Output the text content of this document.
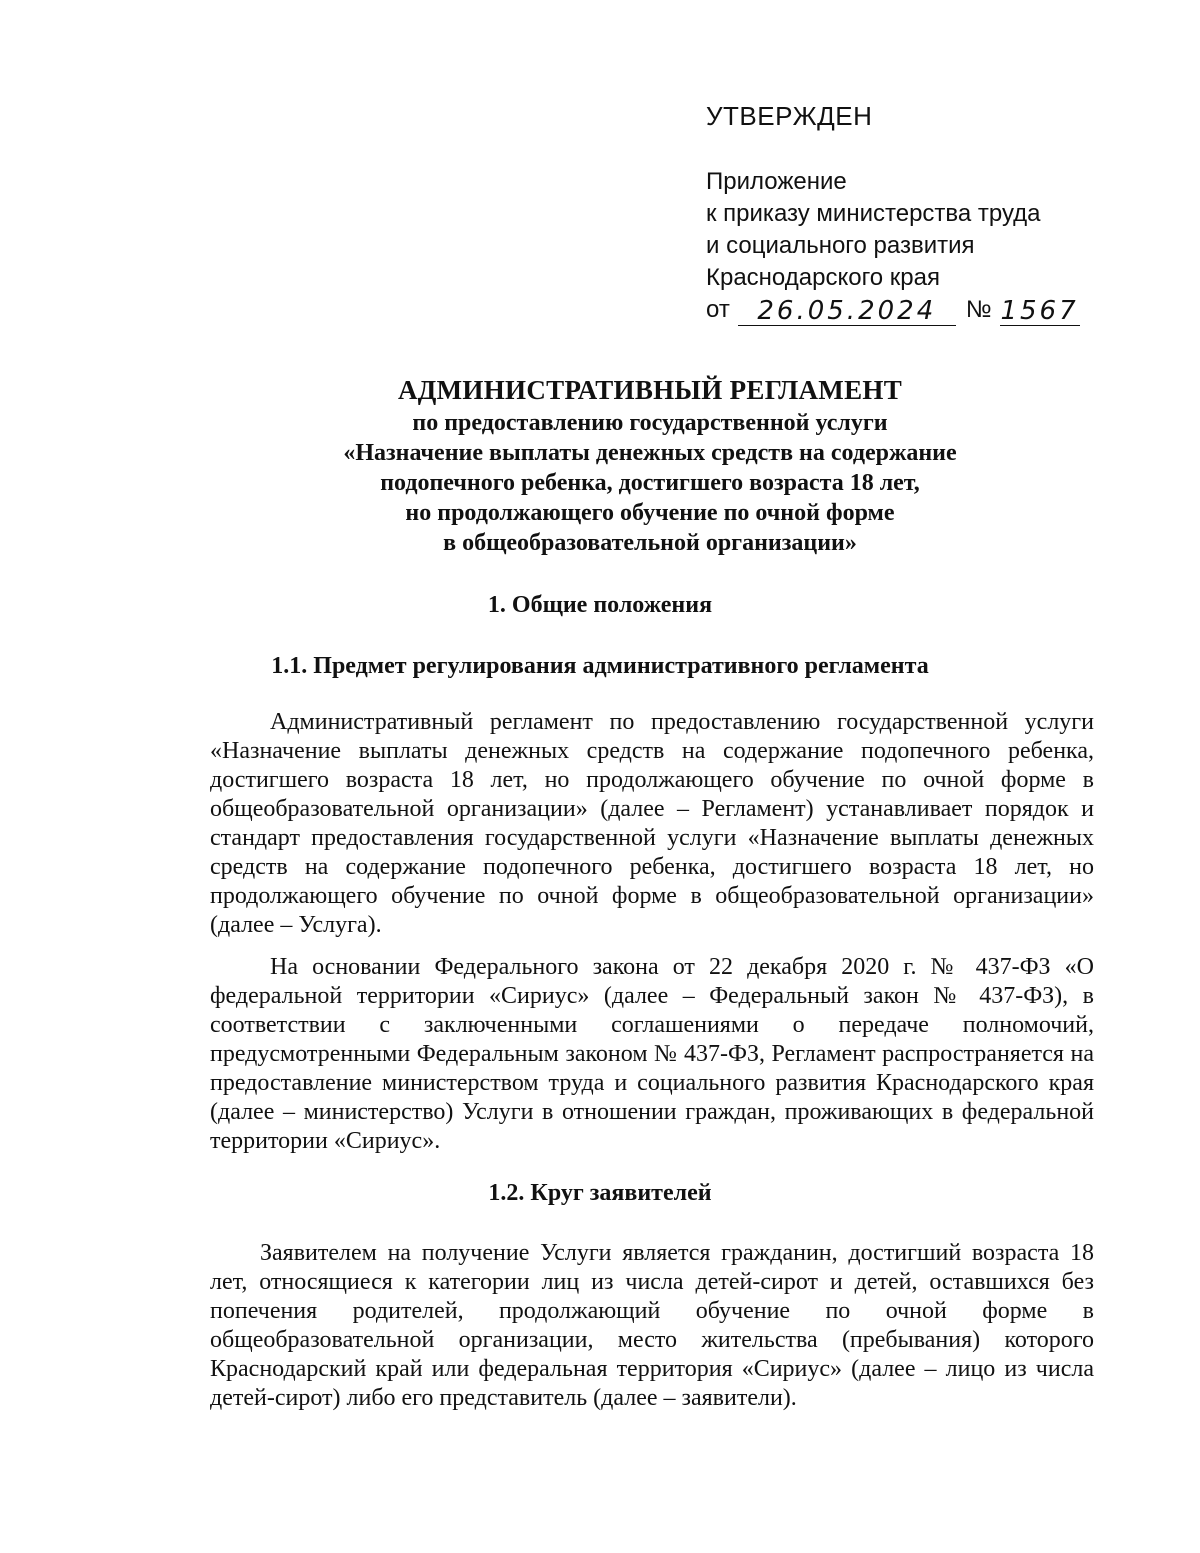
УТВЕРЖДЕН
Приложение
к приказу министерства труда
и социального развития
Краснодарского края
от	26.05.2024	№ 1567
АДМИНИСТРАТИВНЫЙ РЕГЛАМЕНТ
по предоставлению государственной услуги
«Назначение выплаты денежных средств на содержание
подопечного ребенка, достигшего возраста 18 лет,
но продолжающего обучение по очной форме
в общеобразовательной организации»
1. Общие положения
1.1. Предмет регулирования административного регламента

Административный регламент по предоставлению государственной услуги «Назначение выплаты денежных средств на содержание подопечного ребенка, достигшего возраста 18 лет, но продолжающего обучение по очной форме в общеобразовательной организации» (далее – Регламент) устанавливает порядок и стандарт предоставления государственной услуги «Назначение выплаты денежных средств на содержание подопечного ребенка, достигшего возраста 18 лет, но продолжающего обучение по очной форме в общеобразовательной организации» (далее – Услуга).

На основании Федерального закона от 22 декабря 2020 г. № 437-ФЗ «О федеральной территории «Сириус» (далее – Федеральный закон № 437-ФЗ), в соответствии с заключенными соглашениями о передаче полномочий, предусмотренными Федеральным законом № 437-ФЗ, Регламент распространяется на предоставление министерством труда и социального развития Краснодарского края (далее – министерство) Услуги в отношении граждан, проживающих в федеральной территории «Сириус».

1.2. Круг заявителей

Заявителем на получение Услуги является гражданин, достигший возраста 18 лет, относящиеся к категории лиц из числа детей-сирот и детей, оставшихся без попечения родителей, продолжающий обучение по очной форме в общеобразовательной организации, место жительства (пребывания) которого Краснодарский край или федеральная территория «Сириус» (далее – лицо из числа детей-сирот) либо его представитель (далее – заявители).
